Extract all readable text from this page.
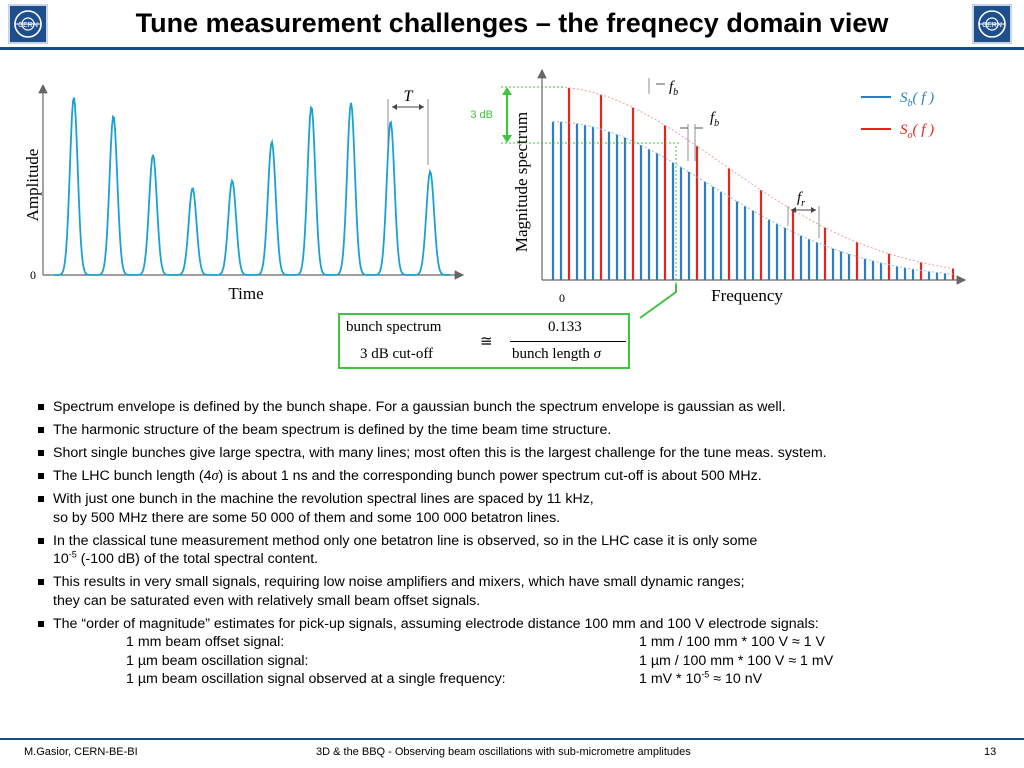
CERN	CERN
Tune measurement challenges – the freqnecy domain view
0
Amplitude
Time
T
0	Frequency
Magnitude spectrum
3 dB
$f_b$
$f_b$
$f_r$
$S_b$( f )
$S_o$( f )
bunch spectrum
3 dB cut-off
≅
0.133
bunch length σ
Spectrum envelope is defined by the bunch shape. For a gaussian bunch the spectrum envelope is gaussian as well.
The harmonic structure of the beam spectrum is defined by the time beam time structure.
Short single bunches give large spectra, with many lines; most often this is the largest challenge for the tune meas. system.
The LHC bunch length (4σ) is about 1 ns and the corresponding bunch power spectrum cut-off is about 500 MHz.
With just one bunch in the machine the revolution spectral lines are spaced by 11 kHz,
so by 500 MHz there are some 50 000 of them and some 100 000 betatron lines.
In the classical tune measurement method only one betatron line is observed, so in the LHC case it is only some
$10^{-5}$ (-100 dB) of the total spectral content.
This results in very small signals, requiring low noise amplifiers and mixers, which have small dynamic ranges;
they can be saturated even with relatively small beam offset signals.
The “order of magnitude” estimates for pick-up signals, assuming electrode distance 100 mm and 100 V electrode signals:
1 mm beam offset signal:	1 mm / 100 mm * 100 V ≈ 1 V
1 µm beam oscillation signal:	1 µm / 100 mm * 100 V ≈ 1 mV
1 µm beam oscillation signal observed at a single frequency:	1 mV * $10^{-5} \approx 10$ nV
M.Gasior, CERN-BE-BI	3D & the BBQ - Observing beam oscillations with sub-micrometre amplitudes	13
